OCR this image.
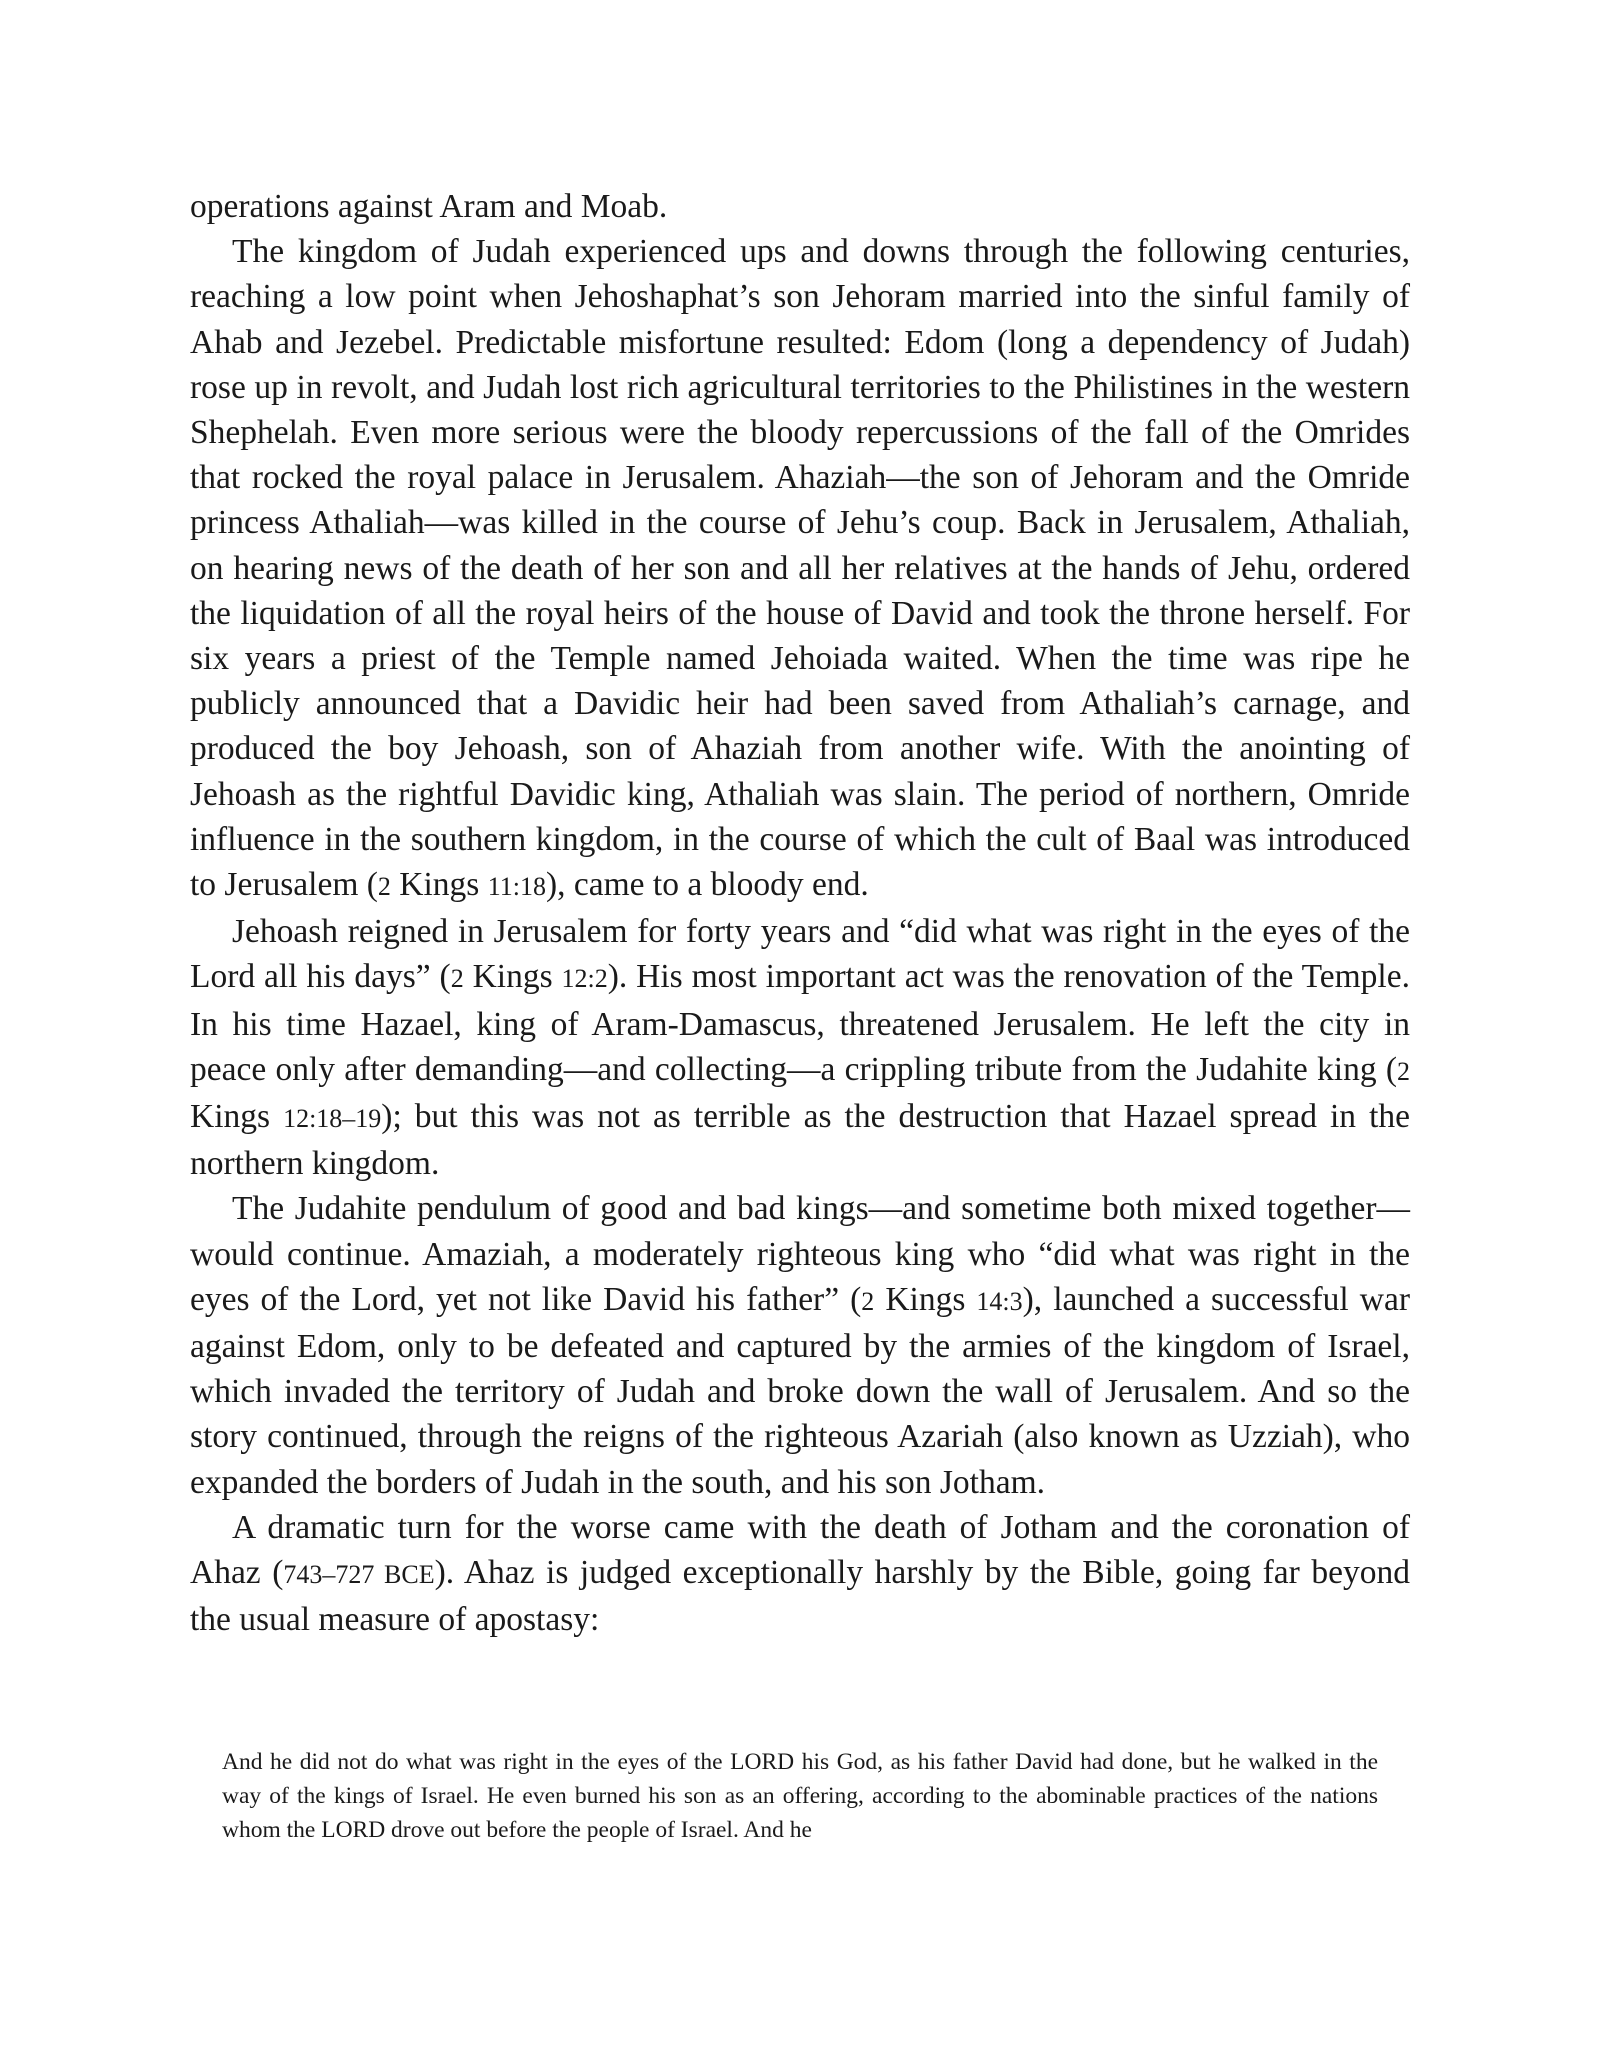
operations against Aram and Moab.

The kingdom of Judah experienced ups and downs through the following centuries, reaching a low point when Jehoshaphat’s son Jehoram married into the sinful family of Ahab and Jezebel. Predictable misfortune resulted: Edom (long a dependency of Judah) rose up in revolt, and Judah lost rich agricultural territories to the Philistines in the western Shephelah. Even more serious were the bloody repercussions of the fall of the Omrides that rocked the royal palace in Jerusalem. Ahaziah—the son of Jehoram and the Omride princess Athaliah—was killed in the course of Jehu’s coup. Back in Jerusalem, Athaliah, on hearing news of the death of her son and all her relatives at the hands of Jehu, ordered the liquidation of all the royal heirs of the house of David and took the throne herself. For six years a priest of the Temple named Jehoiada waited. When the time was ripe he publicly announced that a Davidic heir had been saved from Athaliah’s carnage, and produced the boy Jehoash, son of Ahaziah from another wife. With the anointing of Jehoash as the rightful Davidic king, Athaliah was slain. The period of northern, Omride influence in the southern kingdom, in the course of which the cult of Baal was introduced to Jerusalem (2 Kings 11:18), came to a bloody end.

Jehoash reigned in Jerusalem for forty years and “did what was right in the eyes of the Lord all his days” (2 Kings 12:2). His most important act was the renovation of the Temple. In his time Hazael, king of Aram-Damascus, threatened Jerusalem. He left the city in peace only after demanding—and collecting—a crippling tribute from the Judahite king (2 Kings 12:18–19); but this was not as terrible as the destruction that Hazael spread in the northern kingdom.

The Judahite pendulum of good and bad kings—and sometime both mixed together—would continue. Amaziah, a moderately righteous king who “did what was right in the eyes of the Lord, yet not like David his father” (2 Kings 14:3), launched a successful war against Edom, only to be defeated and captured by the armies of the kingdom of Israel, which invaded the territory of Judah and broke down the wall of Jerusalem. And so the story continued, through the reigns of the righteous Azariah (also known as Uzziah), who expanded the borders of Judah in the south, and his son Jotham.

A dramatic turn for the worse came with the death of Jotham and the coronation of Ahaz (743–727 BCE). Ahaz is judged exceptionally harshly by the Bible, going far beyond the usual measure of apostasy:

And he did not do what was right in the eyes of the LORD his God, as his father David had done, but he walked in the way of the kings of Israel. He even burned his son as an offering, according to the abominable practices of the nations whom the LORD drove out before the people of Israel. And he
